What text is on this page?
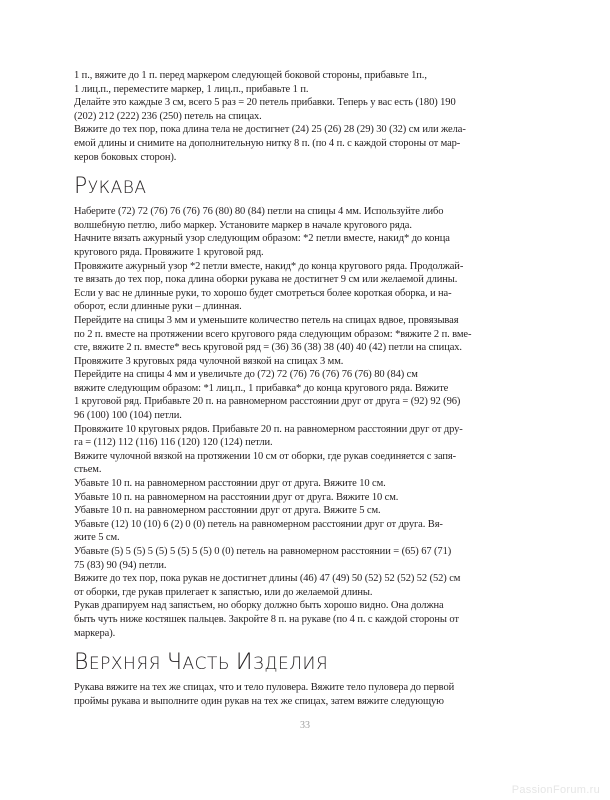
1 п., вяжите до 1 п. перед маркером следующей боковой стороны, прибавьте 1п.,

1 лиц.п., переместите маркер, 1 лиц.п., прибавьте 1 п.

Делайте это каждые 3 см, всего 5 раз = 20 петель прибавки. Теперь у вас есть (180) 190

(202) 212 (222) 236 (250) петель на спицах.

Вяжите до тех пор, пока длина тела не достигнет (24) 25 (26) 28 (29) 30 (32) см или жела-

емой длины и снимите на дополнительную нитку 8 п. (по 4 п. с каждой стороны от мар-

керов боковых сторон).

РУКАВА

Наберите (72) 72 (76) 76 (76) 76 (80) 80 (84) петли на спицы 4 мм. Используйте либо

волшебную петлю, либо маркер. Установите маркер в начале кругового ряда.

Начните вязать ажурный узор следующим образом: *2 петли вместе, накид* до конца

кругового ряда. Провяжите 1 круговой ряд.

Провяжите ажурный узор *2 петли вместе, накид* до конца кругового ряда. Продолжай-

те вязать до тех пор, пока длина оборки рукава не достигнет 9 см или желаемой длины.

Если у вас не длинные руки, то хорошо будет смотреться более короткая оборка, и на-

оборот, если длинные руки – длинная.

Перейдите на спицы 3 мм и уменьшите количество петель на спицах вдвое, провязывая

по 2 п. вместе на протяжении всего кругового ряда следующим образом: *вяжите 2 п. вме-

сте, вяжите 2 п. вместе* весь круговой ряд = (36) 36 (38) 38 (40) 40 (42) петли на спицах.

Провяжите 3 круговых ряда чулочной вязкой на спицах 3 мм.

Перейдите на спицы 4 мм и увеличьте до (72) 72 (76) 76 (76) 76 (76) 80 (84) см

вяжите следующим образом: *1 лиц.п., 1 прибавка* до конца кругового ряда. Вяжите

1 круговой ряд. Прибавьте 20 п. на равномерном расстоянии друг от друга = (92) 92 (96)

96 (100) 100 (104) петли.

Провяжите 10 круговых рядов. Прибавьте 20 п. на равномерном расстоянии друг от дру-

га = (112) 112 (116) 116 (120) 120 (124) петли.

Вяжите чулочной вязкой на протяжении 10 см от оборки, где рукав соединяется с запя-

стьем.

Убавьте 10 п. на равномерном расстоянии друг от друга. Вяжите 10 см.

Убавьте 10 п. на равномерном на расстоянии друг от друга. Вяжите 10 см.

Убавьте 10 п. на равномерном расстоянии друг от друга. Вяжите 5 см.

Убавьте (12) 10 (10) 6 (2) 0 (0) петель на равномерном расстоянии друг от друга. Вя-

жите 5 см.

Убавьте (5) 5 (5) 5 (5) 5 (5) 5 (5) 0 (0) петель на равномерном расстоянии = (65) 67 (71)

75 (83) 90 (94) петли.

Вяжите до тех пор, пока рукав не достигнет длины (46) 47 (49) 50 (52) 52 (52) 52 (52) см

от оборки, где рукав прилегает к запястью, или до желаемой длины.

Рукав драпируем над запястьем, но оборку должно быть хорошо видно. Она должна

быть чуть ниже костяшек пальцев. Закройте 8 п. на рукаве (по 4 п. с каждой стороны от

маркера).

ВЕРХНЯЯ ЧАСТЬ ИЗДЕЛИЯ

Рукава вяжите на тех же спицах, что и тело пуловера. Вяжите тело пуловера до первой

проймы рукава и выполните один рукав на тех же спицах, затем вяжите следующую

33
PassionForum.ru
